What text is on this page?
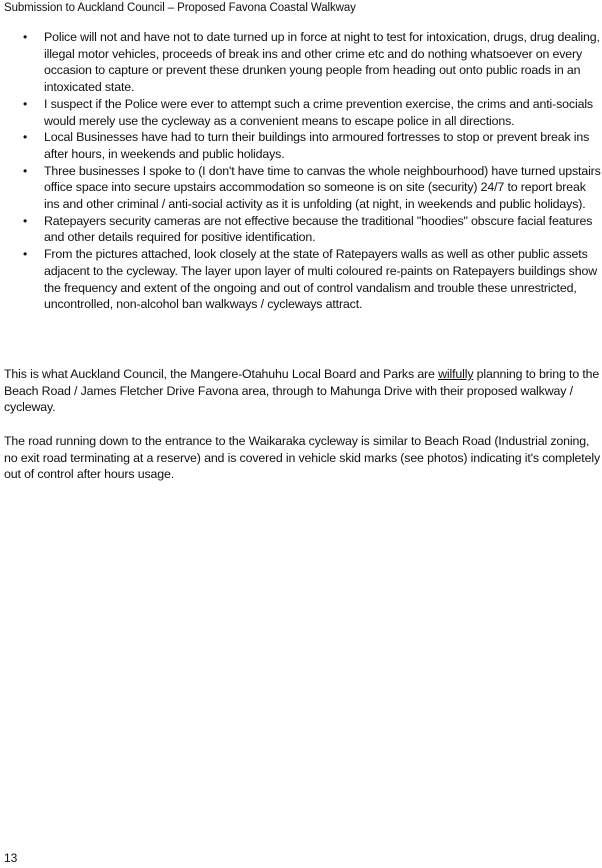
Submission to Auckland Council – Proposed Favona Coastal Walkway
• Police will not and have not to date turned up in force at night to test for intoxication, drugs, drug dealing, illegal motor vehicles, proceeds of break ins and other crime etc and do nothing whatsoever on every occasion to capture or prevent these drunken young people from heading out onto public roads in an intoxicated state.
• I suspect if the Police were ever to attempt such a crime prevention exercise, the crims and anti-socials would merely use the cycleway as a convenient means to escape police in all directions.
• Local Businesses have had to turn their buildings into armoured fortresses to stop or prevent break ins after hours, in weekends and public holidays.
• Three businesses I spoke to (I don't have time to canvas the whole neighbourhood) have turned upstairs office space into secure upstairs accommodation so someone is on site (security) 24/7 to report break ins and other criminal / anti-social activity as it is unfolding (at night, in weekends and public holidays).
• Ratepayers security cameras are not effective because the traditional "hoodies" obscure facial features and other details required for positive identification.
• From the pictures attached, look closely at the state of Ratepayers walls as well as other public assets adjacent to the cycleway. The layer upon layer of multi coloured re-paints on Ratepayers buildings show the frequency and extent of the ongoing and out of control vandalism and trouble these unrestricted, uncontrolled, non-alcohol ban walkways / cycleways attract.

This is what Auckland Council, the Mangere-Otahuhu Local Board and Parks are wilfully planning to bring to the Beach Road / James Fletcher Drive Favona area, through to Mahunga Drive with their proposed walkway / cycleway.

The road running down to the entrance to the Waikaraka cycleway is similar to Beach Road (Industrial zoning, no exit road terminating at a reserve) and is covered in vehicle skid marks (see photos) indicating it's completely out of control after hours usage.

13
